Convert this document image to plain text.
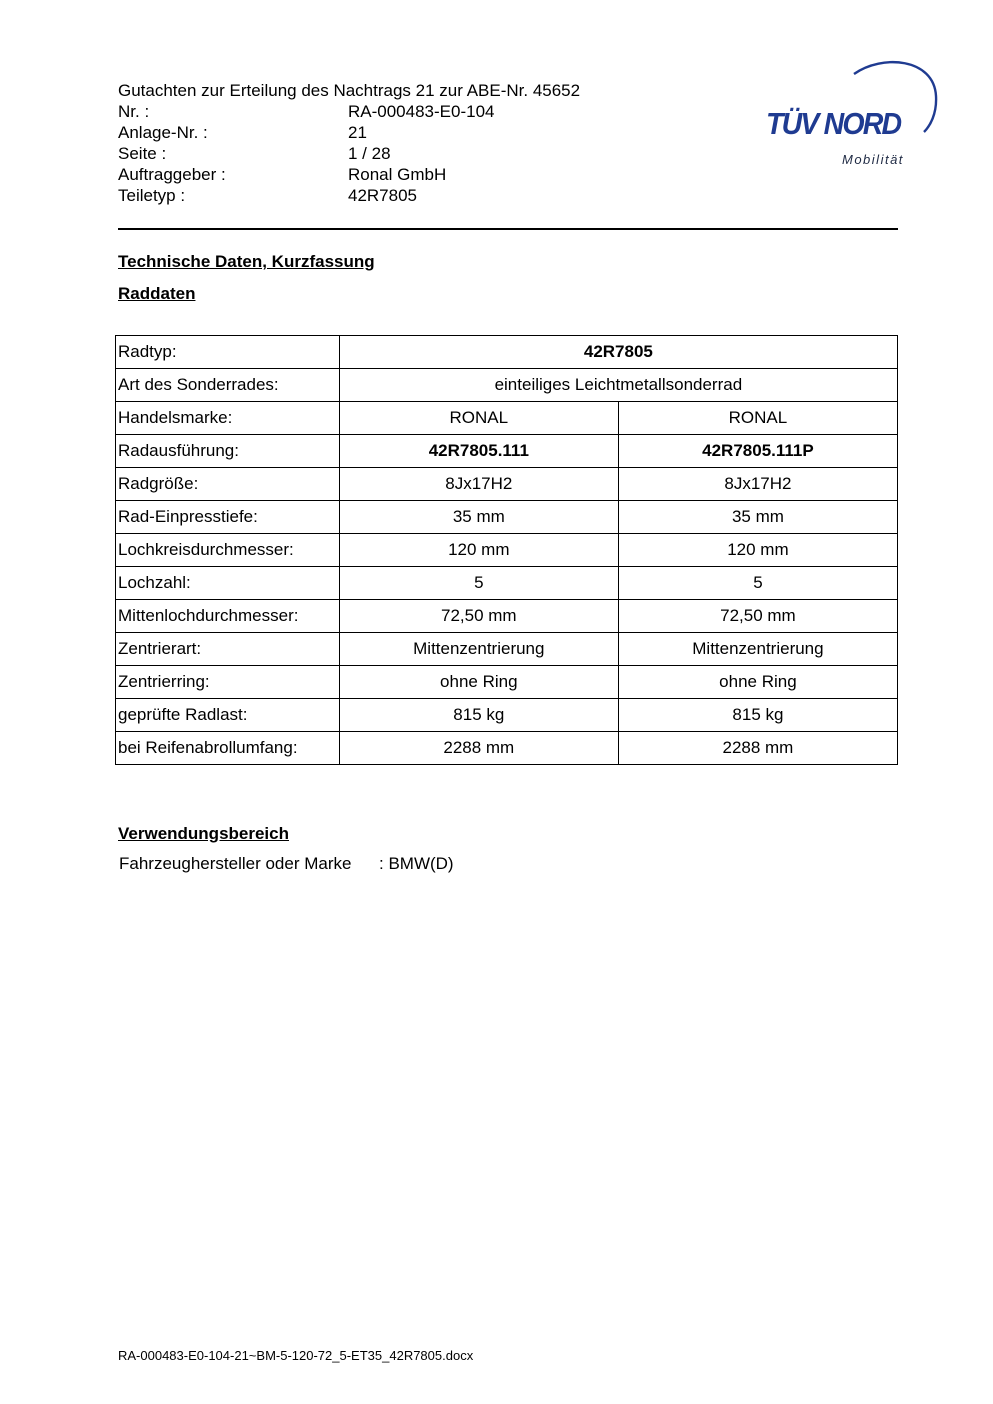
Gutachten zur Erteilung des Nachtrags 21 zur ABE-Nr. 45652
Nr. :	RA-000483-E0-104
Anlage-Nr. :	21
Seite :	1 / 28
Auftraggeber :	Ronal GmbH
Teiletyp :	42R7805
TÜV NORD
Mobilität
Technische Daten, Kurzfassung
Raddaten
Radtyp:	42R7805	
Art des Sonderrades:	einteiliges Leichtmetallsonderrad	
Handelsmarke:	RONAL	RONAL
Radausführung:	42R7805.111	42R7805.111P
Radgröße:	8Jx17H2	8Jx17H2
Rad-Einpresstiefe:	35 mm	35 mm
Lochkreisdurchmesser:	120 mm	120 mm
Lochzahl:	5	5
Mittenlochdurchmesser:	72,50 mm	72,50 mm
Zentrierart:	Mittenzentrierung	Mittenzentrierung
Zentrierring:	ohne Ring	ohne Ring
geprüfte Radlast:	815 kg	815 kg
bei Reifenabrollumfang:	2288 mm	2288 mm
Verwendungsbereich
Fahrzeughersteller oder Marke : BMW(D)
RA-000483-E0-104-21~BM-5-120-72_5-ET35_42R7805.docx
